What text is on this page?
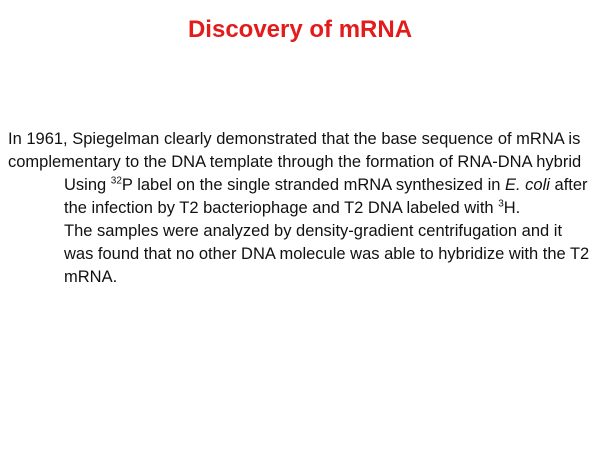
Discovery of mRNA

In 1961, Spiegelman clearly demonstrated that the base sequence of mRNA is complementary to the DNA template through the formation of RNA-DNA hybrid

Using $^{32}$P label on the single stranded mRNA synthesized in E. coli after the infection by T2 bacteriophage and T2 DNA labeled with $^3$H.

The samples were analyzed by density-gradient centrifugation and it was found that no other DNA molecule was able to hybridize with the T2 mRNA.
